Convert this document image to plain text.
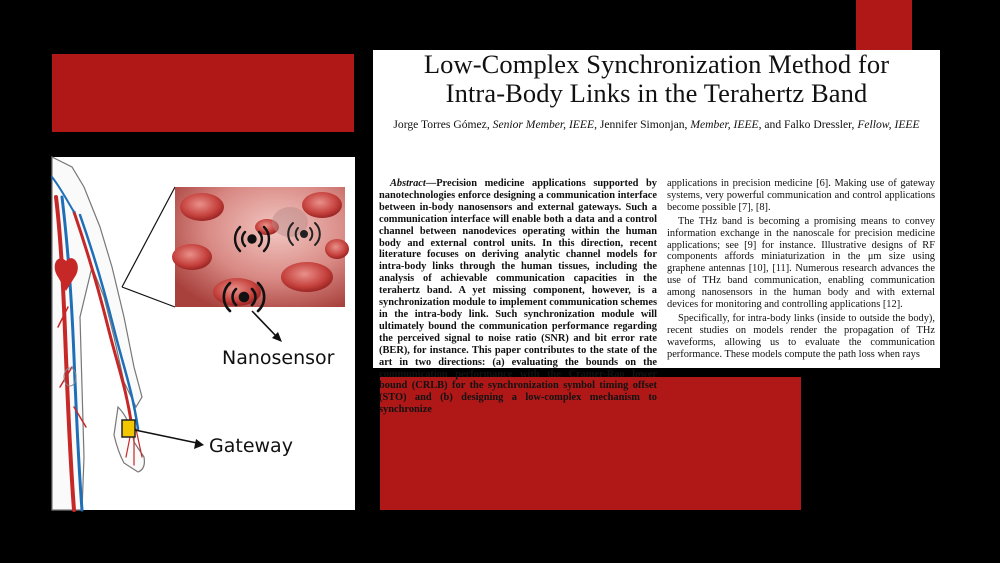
Nanosensor
Gateway
Low-Complex Synchronization Method for
Intra-Body Links in the Terahertz Band
Jorge Torres Gómez, Senior Member, IEEE, Jennifer Simonjan, Member, IEEE, and Falko Dressler, Fellow, IEEE

Abstract—Precision medicine applications supported by nanotechnologies enforce designing a communication interface between in-body nanosensors and external gateways. Such a communication interface will enable both a data and a control channel between nanodevices operating within the human body and external control units. In this direction, recent literature focuses on deriving analytic channel models for intra-body links through the human tissues, including the analysis of achievable communication capacities in the terahertz band. A yet missing component, however, is a synchronization module to implement communication schemes in the intra-body link. Such synchronization module will ultimately bound the communication performance regarding the perceived signal to noise ratio (SNR) and bit error rate (BER), for instance. This paper contributes to the state of the art in two directions: (a) evaluating the bounds on the communication performance with the Cramer-Rao lower bound (CRLB) for the synchronization symbol timing offset (STO) and (b) designing a low-complex mechanism to synchronize

applications in precision medicine [6]. Making use of gateway systems, very powerful communication and control applications become possible [7], [8].

The THz band is becoming a promising means to convey information exchange in the nanoscale for precision medicine applications; see [9] for instance. Illustrative designs of RF components affords miniaturization in the μm size using graphene antennas [10], [11]. Numerous research advances the use of THz band communication, enabling communication among nanosensors in the human body and with external devices for monitoring and controlling applications [12].

Specifically, for intra-body links (inside to outside the body), recent studies on models render the propagation of THz waveforms, allowing us to evaluate the communication performance. These models compute the path loss when rays
